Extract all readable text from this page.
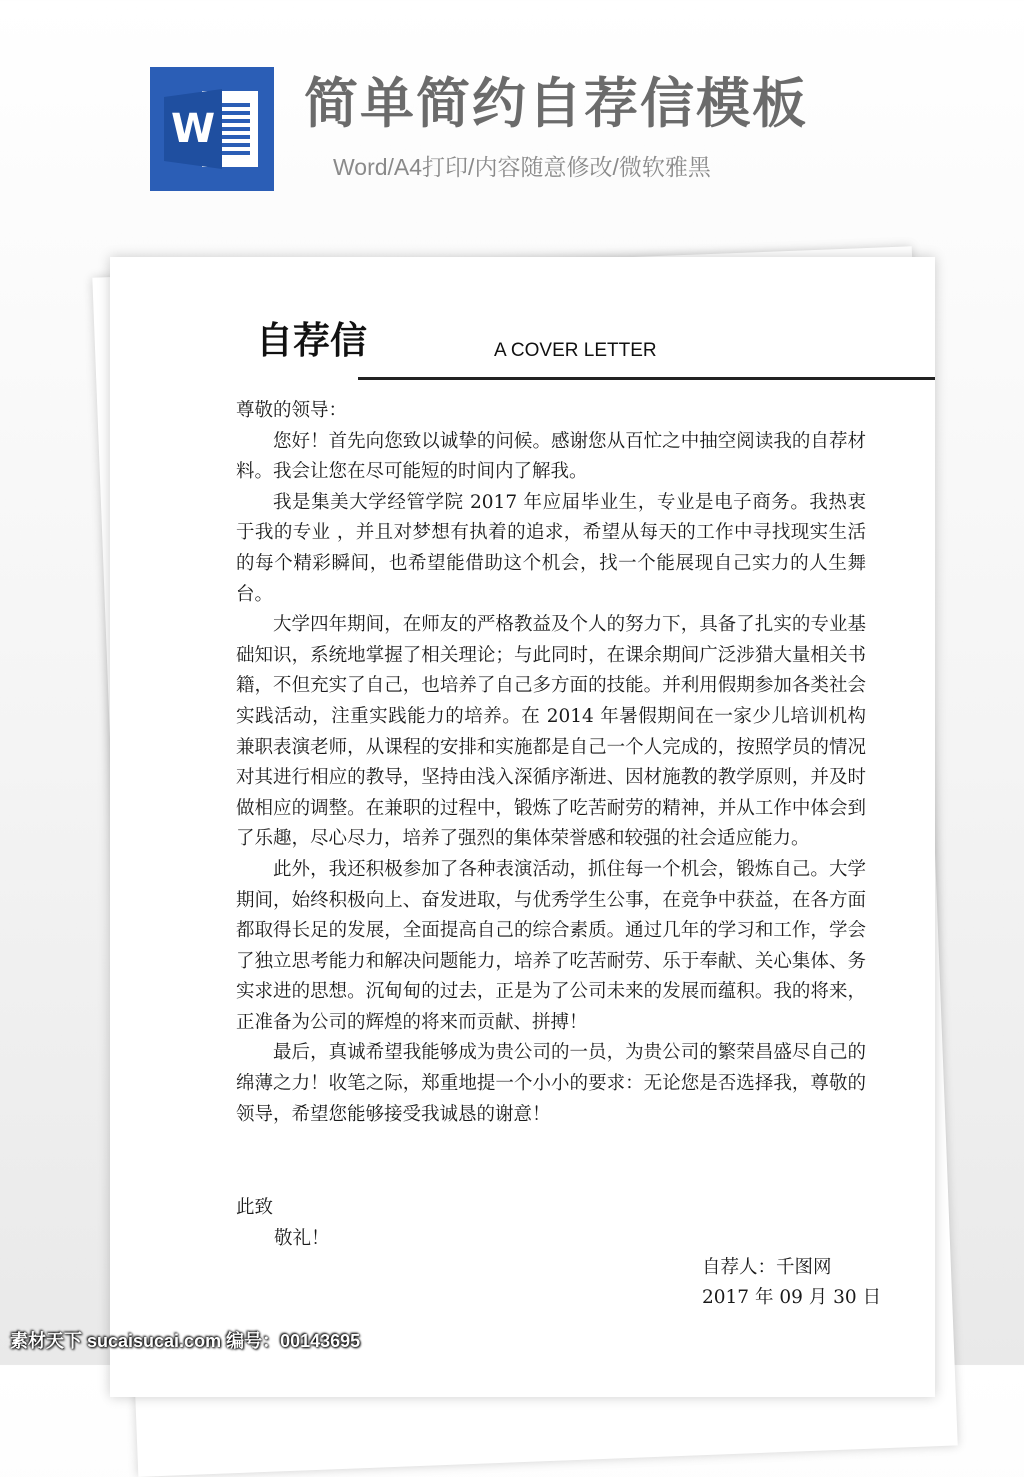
W 简单简约自荐信模板
Word/A4打印/内容随意修改/微软雅黑
自荐信	A COVER LETTER

尊敬的领导：

您好！首先向您致以诚挚的问候。感谢您从百忙之中抽空阅读我的自荐材料。我会让您在尽可能短的时间内了解我。

我是集美大学经管学院 2017 年应届毕业生，专业是电子商务。我热衷于我的专业 ，并且对梦想有执着的追求，希望从每天的工作中寻找现实生活的每个精彩瞬间，也希望能借助这个机会，找一个能展现自己实力的人生舞台。

大学四年期间，在师友的严格教益及个人的努力下，具备了扎实的专业基础知识，系统地掌握了相关理论；与此同时，在课余期间广泛涉猎大量相关书籍，不但充实了自己，也培养了自己多方面的技能。并利用假期参加各类社会实践活动，注重实践能力的培养。在 2014 年暑假期间在一家少儿培训机构兼职表演老师，从课程的安排和实施都是自己一个人完成的，按照学员的情况对其进行相应的教导，坚持由浅入深循序渐进、因材施教的教学原则，并及时做相应的调整。在兼职的过程中，锻炼了吃苦耐劳的精神，并从工作中体会到了乐趣，尽心尽力，培养了强烈的集体荣誉感和较强的社会适应能力。

此外，我还积极参加了各种表演活动，抓住每一个机会，锻炼自己。大学期间，始终积极向上、奋发进取，与优秀学生公事，在竞争中获益，在各方面都取得长足的发展，全面提高自己的综合素质。通过几年的学习和工作，学会了独立思考能力和解决问题能力，培养了吃苦耐劳、乐于奉献、关心集体、务实求进的思想。沉甸甸的过去，正是为了公司未来的发展而蕴积。我的将来，正准备为公司的辉煌的将来而贡献、拼搏！

最后，真诚希望我能够成为贵公司的一员，为贵公司的繁荣昌盛尽自己的绵薄之力！收笔之际，郑重地提一个小小的要求：无论您是否选择我，尊敬的领导，希望您能够接受我诚恳的谢意！

此致
敬礼！
自荐人：千图网
2017 年 09 月 30 日
素材天下 sucaisucai.com 编号：00143695
